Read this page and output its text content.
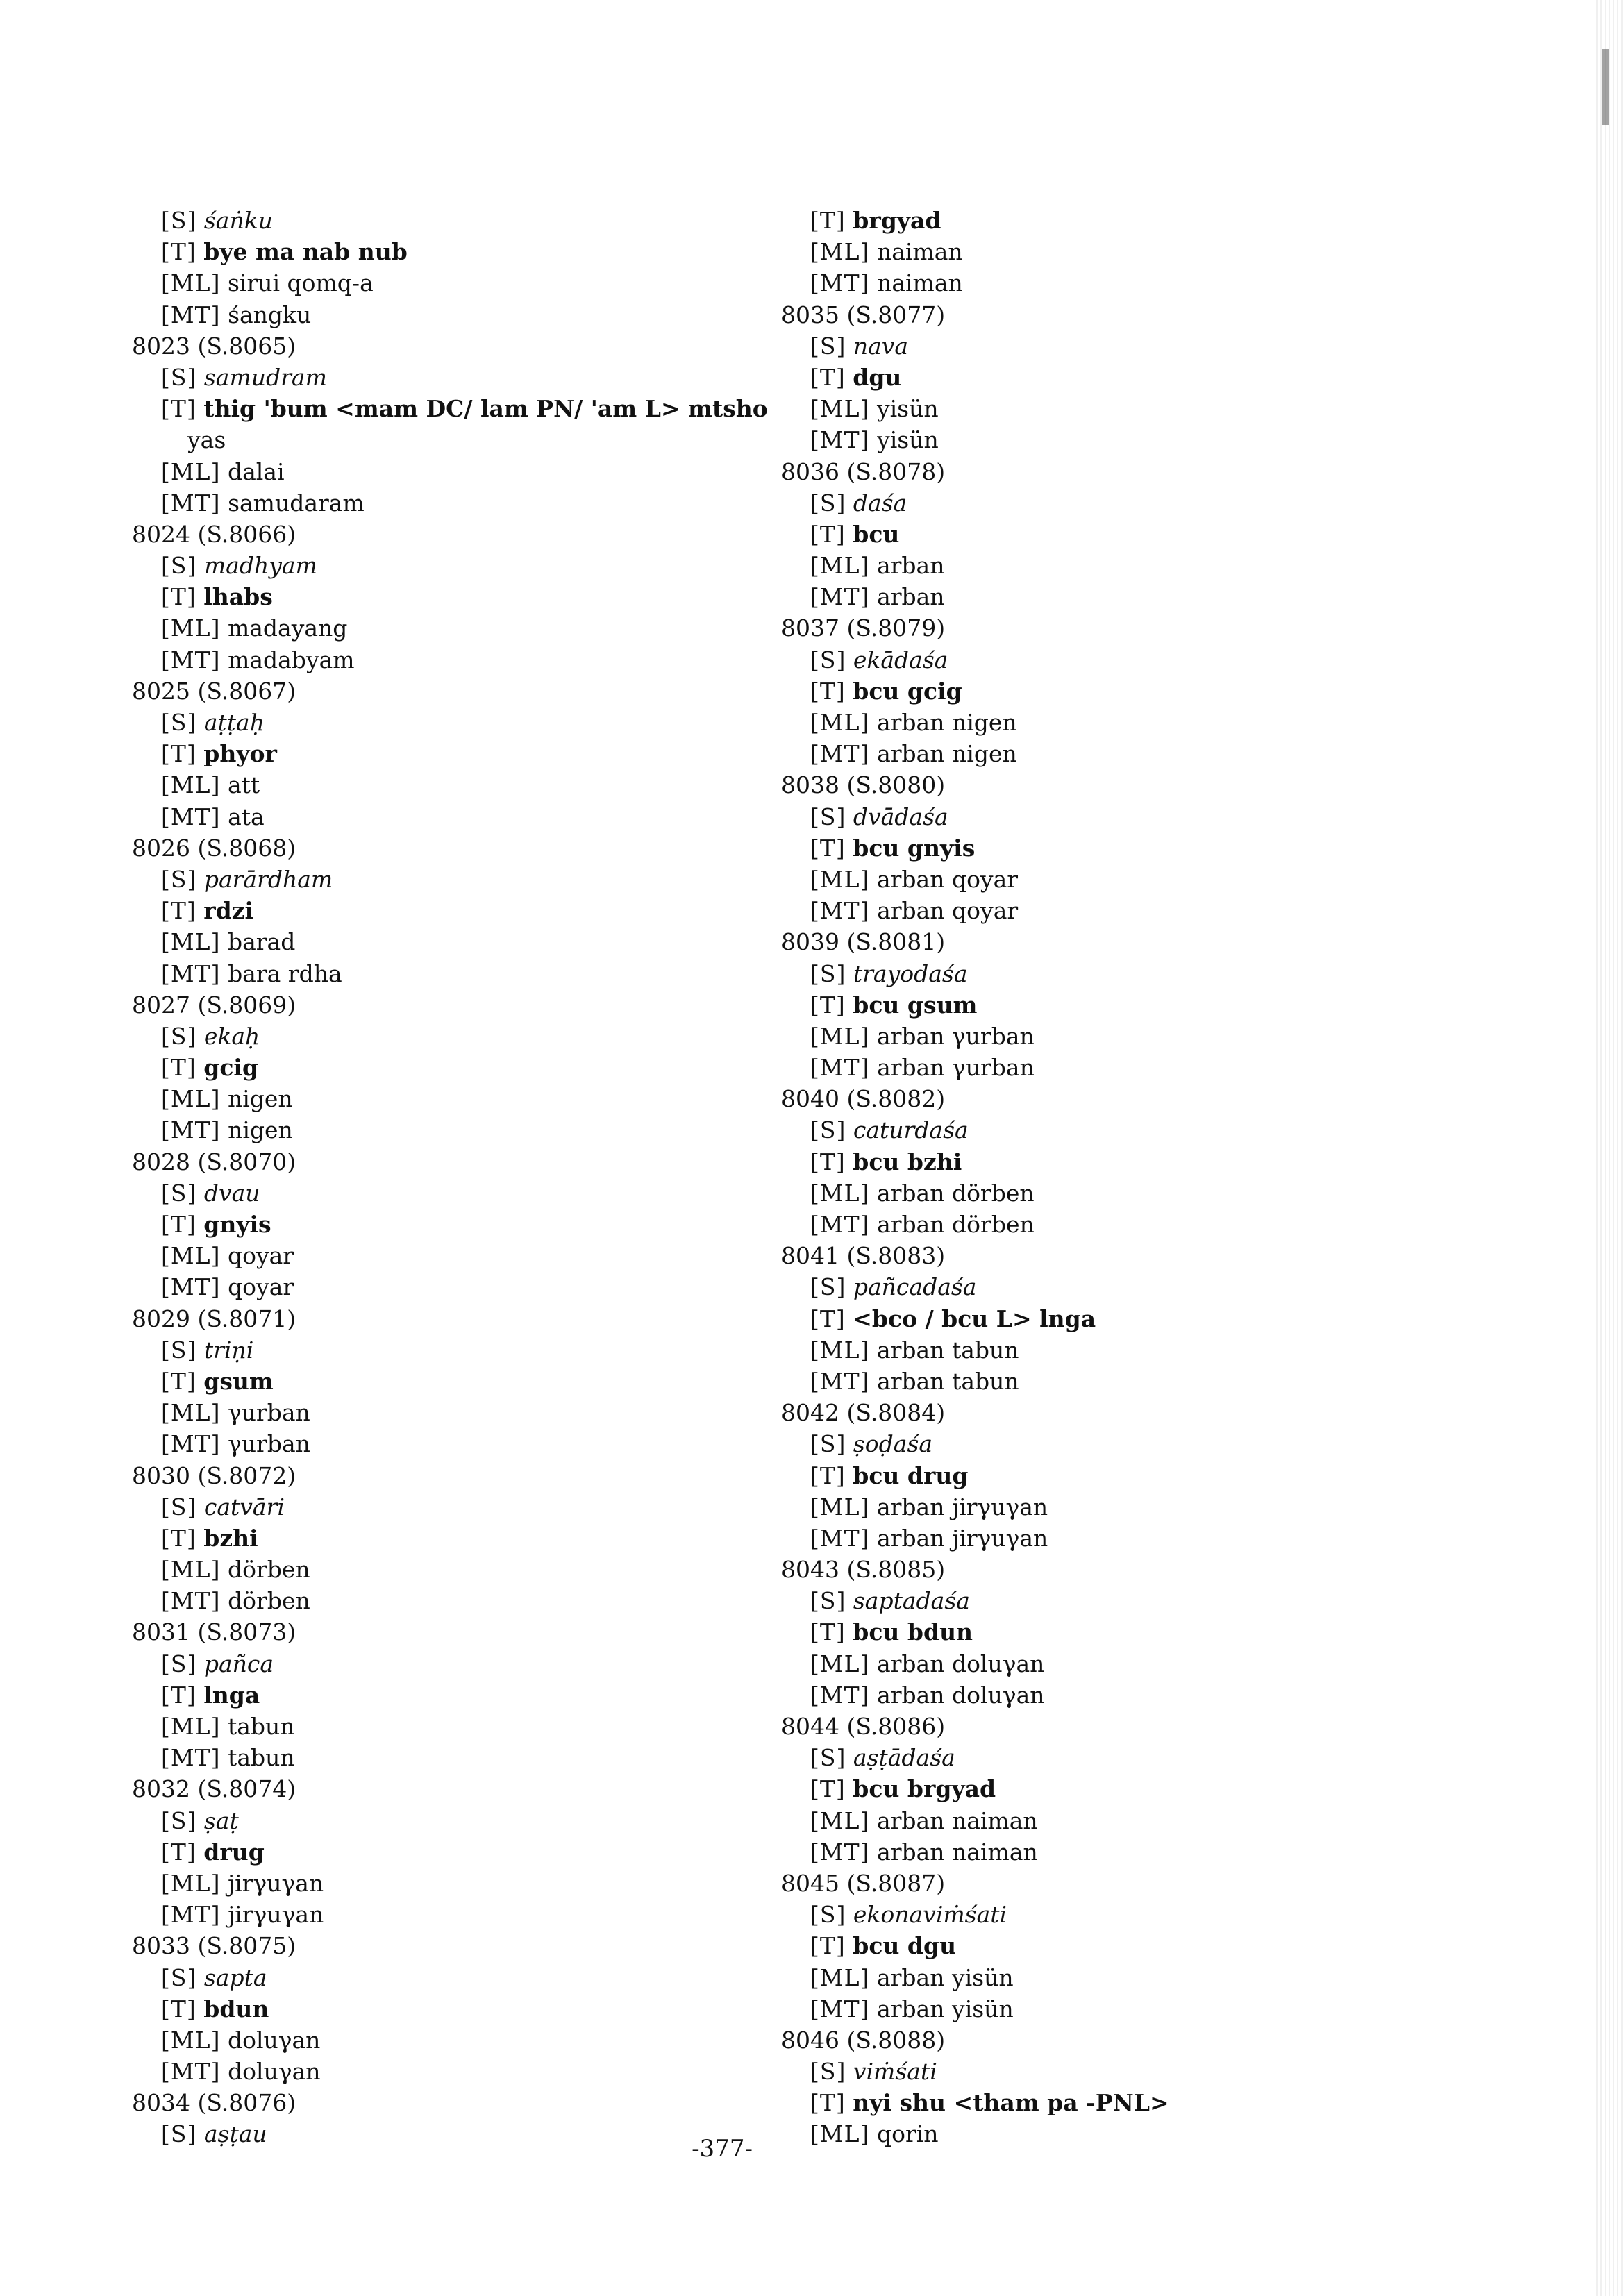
[S] śaṅku
[T] bye ma nab nub
[ML] sirui qomq-a
[MT] śangku
8023 (S.8065)
[S] samudram
[T] thig 'bum <mam DC/ lam PN/ 'am L> mtsho
yas
[ML] dalai
[MT] samudaram
8024 (S.8066)
[S] madhyam
[T] lhabs
[ML] madayang
[MT] madabyam
8025 (S.8067)
[S] aṭṭaḥ
[T] phyor
[ML] att
[MT] ata
8026 (S.8068)
[S] parārdham
[T] rdzi
[ML] barad
[MT] bara rdha
8027 (S.8069)
[S] ekaḥ
[T] gcig
[ML] nigen
[MT] nigen
8028 (S.8070)
[S] dvau
[T] gnyis
[ML] qoyar
[MT] qoyar
8029 (S.8071)
[S] triṇi
[T] gsum
[ML] γurban
[MT] γurban
8030 (S.8072)
[S] catvāri
[T] bzhi
[ML] dörben
[MT] dörben
8031 (S.8073)
[S] pañca
[T] lnga
[ML] tabun
[MT] tabun
8032 (S.8074)
[S] ṣaṭ
[T] drug
[ML] jirγuγan
[MT] jirγuγan
8033 (S.8075)
[S] sapta
[T] bdun
[ML] doluγan
[MT] doluγan
8034 (S.8076)
[S] aṣṭau
[T] brgyad
[ML] naiman
[MT] naiman
8035 (S.8077)
[S] nava
[T] dgu
[ML] yisün
[MT] yisün
8036 (S.8078)
[S] daśa
[T] bcu
[ML] arban
[MT] arban
8037 (S.8079)
[S] ekādaśa
[T] bcu gcig
[ML] arban nigen
[MT] arban nigen
8038 (S.8080)
[S] dvādaśa
[T] bcu gnyis
[ML] arban qoyar
[MT] arban qoyar
8039 (S.8081)
[S] trayodaśa
[T] bcu gsum
[ML] arban γurban
[MT] arban γurban
8040 (S.8082)
[S] caturdaśa
[T] bcu bzhi
[ML] arban dörben
[MT] arban dörben
8041 (S.8083)
[S] pañcadaśa
[T] <bco / bcu L> lnga
[ML] arban tabun
[MT] arban tabun
8042 (S.8084)
[S] ṣoḍaśa
[T] bcu drug
[ML] arban jirγuγan
[MT] arban jirγuγan
8043 (S.8085)
[S] saptadaśa
[T] bcu bdun
[ML] arban doluγan
[MT] arban doluγan
8044 (S.8086)
[S] aṣṭādaśa
[T] bcu brgyad
[ML] arban naiman
[MT] arban naiman
8045 (S.8087)
[S] ekonaviṁśati
[T] bcu dgu
[ML] arban yisün
[MT] arban yisün
8046 (S.8088)
[S] viṁśati
[T] nyi shu <tham pa -PNL>
[ML] qorin
-377-
